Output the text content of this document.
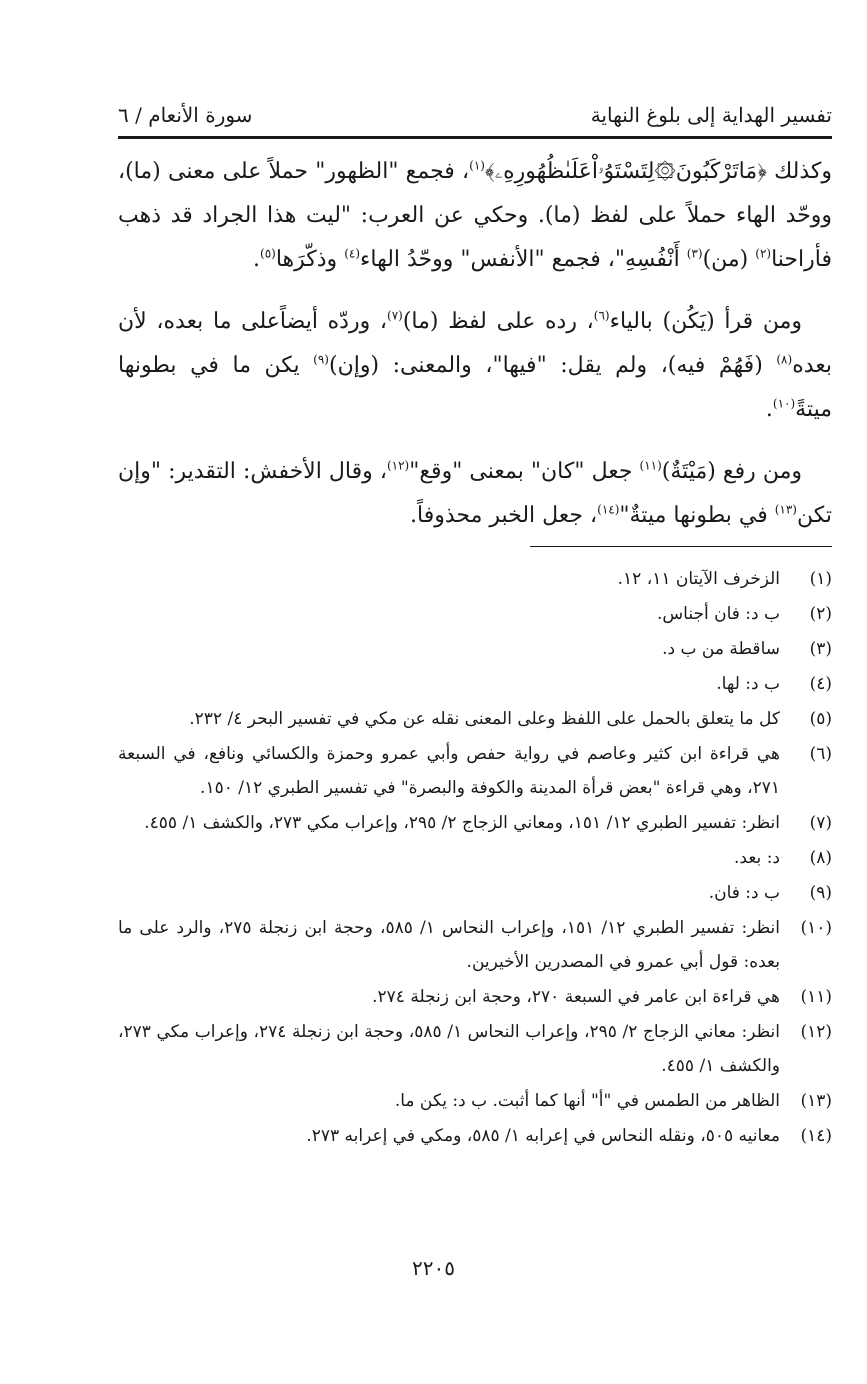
تفسير الهداية إلى بلوغ النهاية
سورة الأنعام / ٦

وكذلك ﴿مَاتَرْكَبُونَ۞لِتَسْتَوُۥاْعَلَىٰظُهُورِهِۦ﴾$^{(١)}$، فجمع "الظهور" حملاً على معنى (ما)، ووحّد الهاء حملاً على لفظ (ما). وحكي عن العرب: "ليت هذا الجراد قد ذهب فأراحنا$^{(٢)}$ (من)$^{(٣)}$ أَنْفُسِهِ"، فجمع "الأنفس" ووحّدُ الهاء$^{(٤)}$ وذكّرَها$^{(٥)}$.

ومن قرأ (يَكُن) بالياء$^{(٦)}$، رده على لفظ (ما)$^{(٧)}$، وردّه أيضاًعلى ما بعده، لأن بعده$^{(٨)}$ (فَهُمْ فيه)، ولم يقل: "فيها"، والمعنى: (وإن)$^{(٩)}$ يكن ما في بطونها ميتةً$^{(١٠)}$.

ومن رفع (مَيْتَةٌ)$^{(١١)}$ جعل "كان" بمعنى "وقع"$^{(١٢)}$، وقال الأخفش: التقدير: "وإن تكن$^{(١٣)}$ في بطونها ميتةٌ"$^{(١٤)}$، جعل الخبر محذوفاً.

(١)
الزخرف الآيتان ١١، ١٢.
(٢)
ب د: فان أجناس.
(٣)
ساقطة من ب د.
(٤)
ب د: لها.
(٥)
كل ما يتعلق بالحمل على اللفظ وعلى المعنى نقله عن مكي في تفسير البحر ٤/ ٢٣٢.
(٦)
هي قراءة ابن كثير وعاصم في رواية حفص وأبي عمرو وحمزة والكسائي ونافع، في السبعة ٢٧١، وهي قراءة "بعض قرأة المدينة والكوفة والبصرة" في تفسير الطبري ١٢/ ١٥٠.
(٧)
انظر: تفسير الطبري ١٢/ ١٥١، ومعاني الزجاج ٢/ ٢٩٥، وإعراب مكي ٢٧٣، والكشف ١/ ٤٥٥.
(٨)
د: بعد.
(٩)
ب د: فان.
(١٠)
انظر: تفسير الطبري ١٢/ ١٥١، وإعراب النحاس ١/ ٥٨٥، وحجة ابن زنجلة ٢٧٥، والرد على ما بعده: قول أبي عمرو في المصدرين الأخيرين.
(١١)
هي قراءة ابن عامر في السبعة ٢٧٠، وحجة ابن زنجلة ٢٧٤.
(١٢)
انظر: معاني الزجاج ٢/ ٢٩٥، وإعراب النحاس ١/ ٥٨٥، وحجة ابن زنجلة ٢٧٤، وإعراب مكي ٢٧٣، والكشف ١/ ٤٥٥.
(١٣)
الظاهر من الطمس في "أ" أنها كما أثبت. ب د: يكن ما.
(١٤)
معانيه ٥٠٥، ونقله النحاس في إعرابه ١/ ٥٨٥، ومكي في إعرابه ٢٧٣.
٢٢٠٥
